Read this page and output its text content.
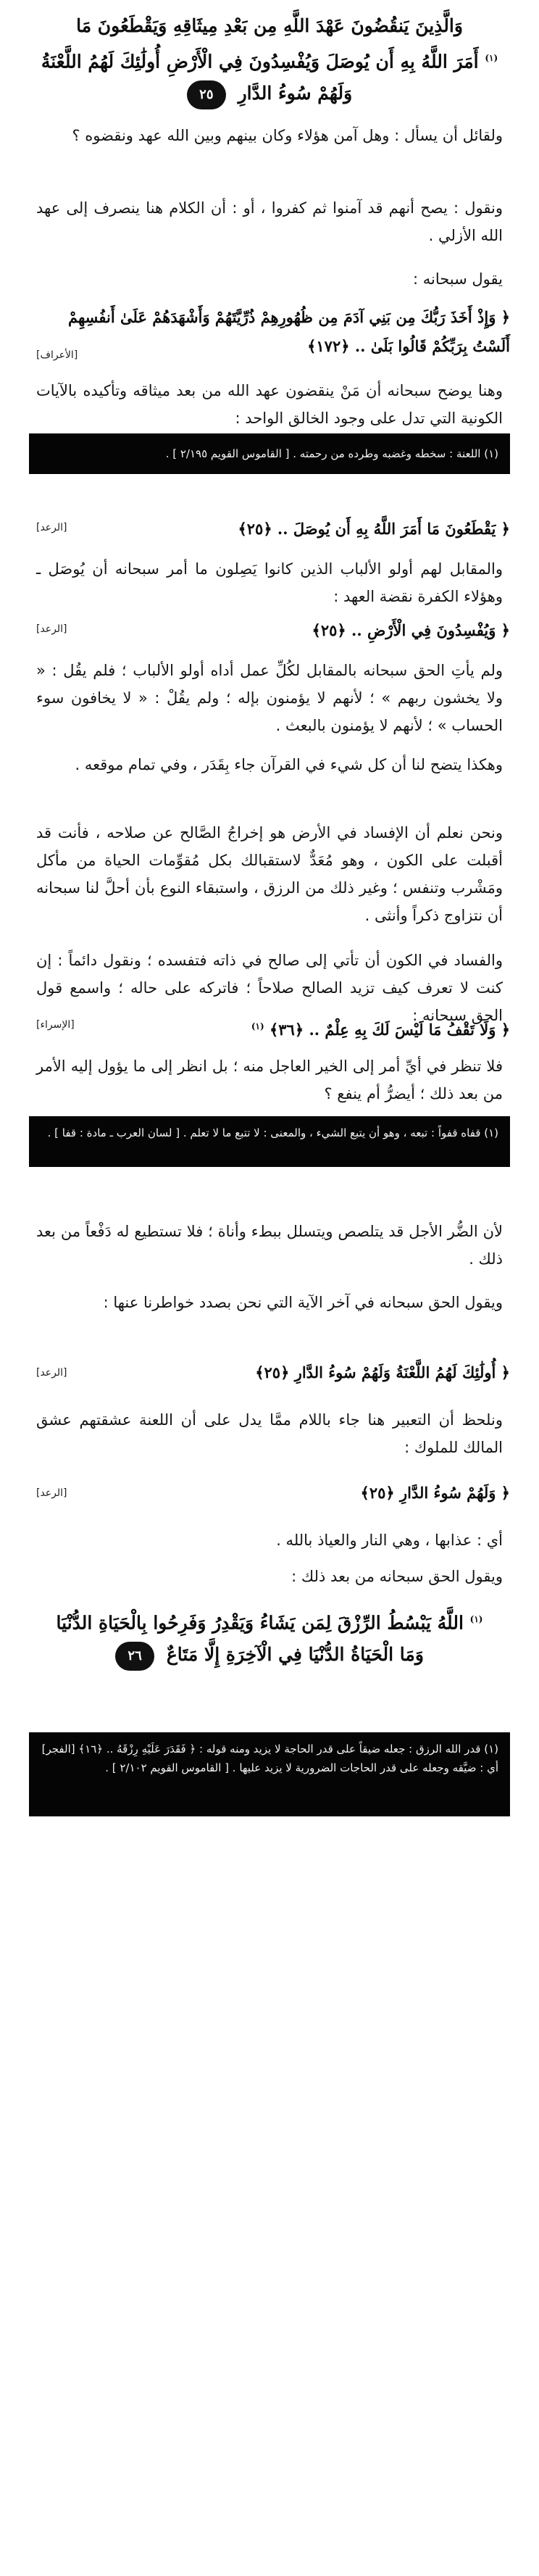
وَالَّذِينَ يَنقُضُونَ عَهْدَ اللَّهِ مِن بَعْدِ مِيثَاقِهِ وَيَقْطَعُونَ مَا
$^{(١)}$ أَمَرَ اللَّهُ بِهِ أَن يُوصَلَ وَيُفْسِدُونَ فِي الْأَرْضِ أُولَٰئِكَ لَهُمُ اللَّعْنَةُ
وَلَهُمْ سُوءُ الدَّارِ ٢٥
ولقائل أن يسأل : وهل آمن هؤلاء وكان بينهم وبين الله عهد ونقضوه ؟
ونقول : يصح أنهم قد آمنوا ثم كفروا ، أو : أن الكلام هنا ينصرف إلى عهد الله الأزلي .
يقول سبحانه :
﴿ وَإِذْ أَخَذَ رَبُّكَ مِن بَنِي آدَمَ مِن ظُهُورِهِمْ ذُرِّيَّتَهُمْ وَأَشْهَدَهُمْ عَلَىٰ أَنفُسِهِمْ أَلَسْتُ بِرَبِّكُمْ قَالُوا بَلَىٰ .. ﴿١٧٢﴾
[الأعراف]
وهنا يوضح سبحانه أن مَنْ ينقضون عهد الله من بعد ميثاقه وتأكيده بالآيات الكونية التي تدل على وجود الخالق الواحد :
(١) اللعنة : سخطه وغضبه وطرده من رحمته . [ القاموس القويم ٢/١٩٥ ] .
﴿ يَقْطَعُونَ مَا أَمَرَ اللَّهُ بِهِ أَن يُوصَلَ .. ﴿٢٥﴾
[الرعد]
والمقابل لهم أولو الألباب الذين كانوا يَصِلون ما أمر سبحانه أن يُوصَل ـ وهؤلاء الكفرة نقضة العهد :
﴿ وَيُفْسِدُونَ فِي الْأَرْضِ .. ﴿٢٥﴾
[الرعد]
ولم يأتِ الحق سبحانه بالمقابل لكُلِّ عمل أداه أولو الألباب ؛ فلم يقُل : « ولا يخشون ربهم » ؛ لأنهم لا يؤمنون بإله ؛ ولم يقُلْ : « لا يخافون سوء الحساب » ؛ لأنهم لا يؤمنون بالبعث .
وهكذا يتضح لنا أن كل شيء في القرآن جاء بِقَدَر ، وفي تمام موقعه .
ونحن نعلم أن الإفساد في الأرض هو إخراجُ الصَّالح عن صلاحه ، فأنت قد أقبلت على الكون ، وهو مُعَدٌّ لاستقبالك بكل مُقوِّمات الحياة من مأكل ومَشْرب وتنفس ؛ وغير ذلك من الرزق ، واستبقاء النوع بأن أحلَّ لنا سبحانه أن نتزاوج ذكراً وأنثى .
والفساد في الكون أن تأتي إلى صالح في ذاته فتفسده ؛ ونقول دائماً : إن كنت لا تعرف كيف تزيد الصالح صلاحاً ؛ فاتركه على حاله ؛ واسمع قول الحق سبحانه :
﴿ وَلَا تَقْفُ مَا لَيْسَ لَكَ بِهِ عِلْمٌ .. ﴿٣٦﴾ $^{(١)}$
[الإسراء]
فلا تنظر في أيِّ أمر إلى الخير العاجل منه ؛ بل انظر إلى ما يؤول إليه الأمر من بعد ذلك ؛ أيضرُّ أم ينفع ؟
(١) قفاه قفواً : تبعه ، وهو أن يتبع الشيء ، والمعنى : لا تتبع ما لا تعلم . [ لسان العرب ـ مادة : قفا ] .
لأن الضُّر الأجل قد يتلصص ويتسلل ببطء وأناة ؛ فلا تستطيع له دَفْعاً من بعد ذلك .
ويقول الحق سبحانه في آخر الآية التي نحن بصدد خواطرنا عنها :
﴿ أُولَٰئِكَ لَهُمُ اللَّعْنَةُ وَلَهُمْ سُوءُ الدَّارِ ﴿٢٥﴾
[الرعد]
ونلحظ أن التعبير هنا جاء باللام ممَّا يدل على أن اللعنة عشقتهم عشق المالك للملوك :
﴿ وَلَهُمْ سُوءُ الدَّارِ ﴿٢٥﴾
[الرعد]
أي : عذابها ، وهي النار والعياذ بالله .
ويقول الحق سبحانه من بعد ذلك :
$^{(١)}$ اللَّهُ يَبْسُطُ الرِّزْقَ لِمَن يَشَاءُ وَيَقْدِرُ وَفَرِحُوا بِالْحَيَاةِ الدُّنْيَا
وَمَا الْحَيَاةُ الدُّنْيَا فِي الْآخِرَةِ إِلَّا مَتَاعٌ ٢٦
(١) قدر الله الرزق : جعله ضيقاً على قدر الحاجة لا يزيد ومنه قوله : ﴿ فَقَدَرَ عَلَيْهِ رِزْقَهُ .. ﴿١٦﴾ [الفجر] أي : ضيَّقه وجعله على قدر الحاجات الضرورية لا يزيد عليها . [ القاموس القويم ٢/١٠٢ ] .
